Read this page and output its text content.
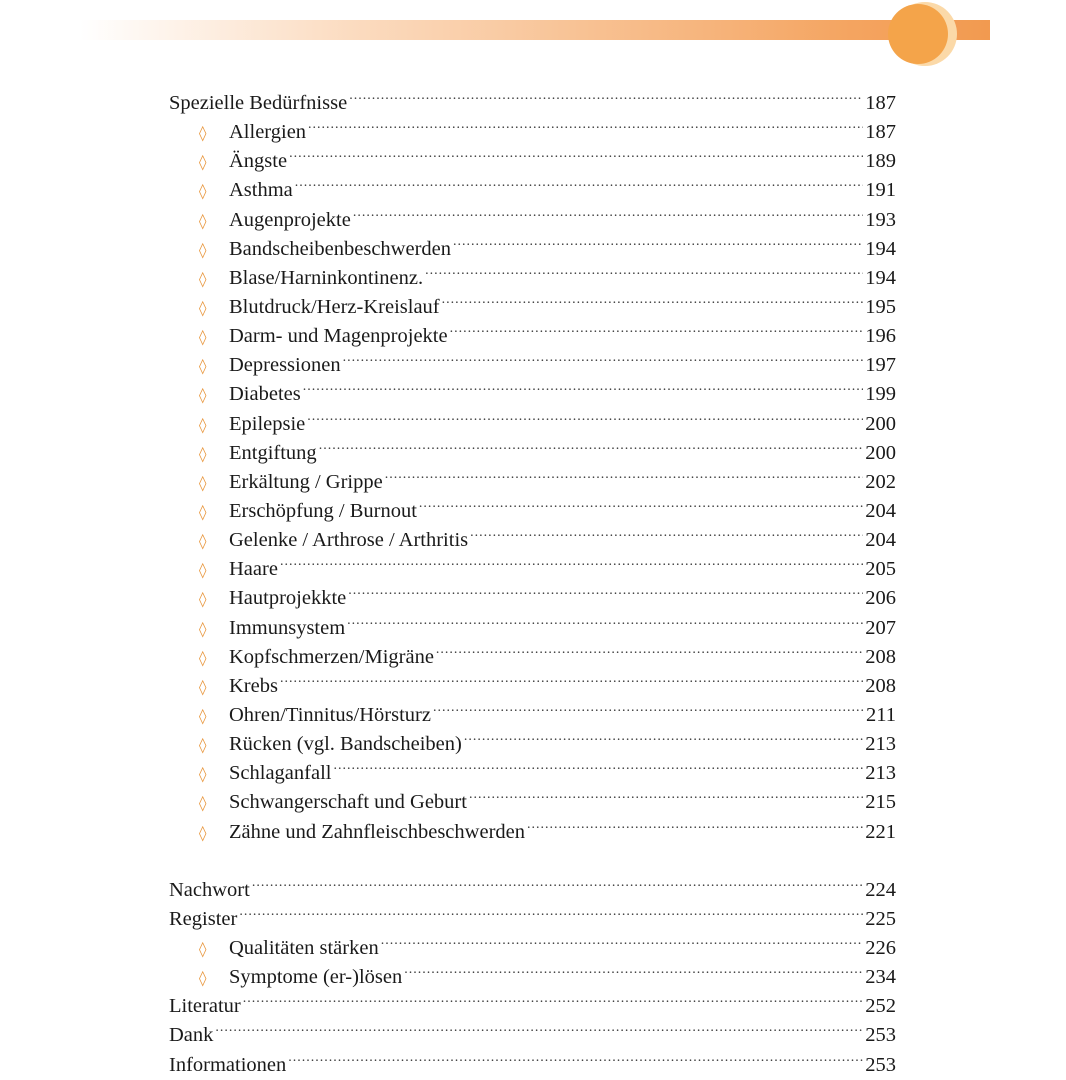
Spezielle Bedürfnisse .....	187
◊	Allergien .....	187
◊	Ängste .....	189
◊	Asthma .....	191
◊	Augenprojekte .....	193
◊	Bandscheibenbeschwerden .....	194
◊	Blase/Harninkontinenz. .....	194
◊	Blutdruck/Herz-Kreislauf .....	195
◊	Darm- und Magenprojekte .....	196
◊	Depressionen .....	197
◊	Diabetes .....	199
◊	Epilepsie .....	200
◊	Entgiftung .....	200
◊	Erkältung / Grippe .....	202
◊	Erschöpfung / Burnout .....	204
◊	Gelenke / Arthrose / Arthritis .....	204
◊	Haare .....	205
◊	Hautprojekkte .....	206
◊	Immunsystem .....	207
◊	Kopfschmerzen/Migräne .....	208
◊	Krebs .....	208
◊	Ohren/Tinnitus/Hörsturz .....	211
◊	Rücken (vgl. Bandscheiben) .....	213
◊	Schlaganfall .....	213
◊	Schwangerschaft und Geburt .....	215
◊	Zähne und Zahnfleischbeschwerden .....	221
Nachwort .....	224
Register .....	225
◊	Qualitäten stärken .....	226
◊	Symptome (er-)lösen .....	234
Literatur .....	252
Dank .....	253
Informationen .....	253
